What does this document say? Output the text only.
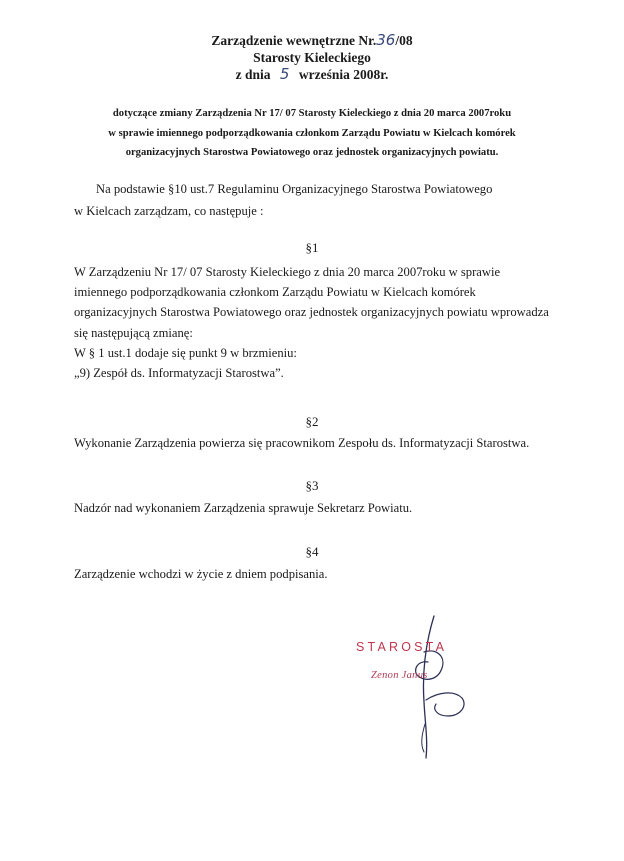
Zarządzenie wewnętrzne Nr.36/08
Starosty Kieleckiego
z dnia 5 września 2008r.
dotyczące zmiany Zarządzenia Nr 17/ 07 Starosty Kieleckiego z dnia 20 marca 2007roku
w sprawie imiennego podporządkowania członkom Zarządu Powiatu w Kielcach komórek
organizacyjnych Starostwa Powiatowego oraz jednostek organizacyjnych powiatu.
Na podstawie §10 ust.7 Regulaminu Organizacyjnego Starostwa Powiatowego
w Kielcach zarządzam, co następuje :
§1
W Zarządzeniu Nr 17/ 07 Starosty Kieleckiego z dnia 20 marca 2007roku w sprawie
imiennego podporządkowania członkom Zarządu Powiatu w Kielcach komórek
organizacyjnych Starostwa Powiatowego oraz jednostek organizacyjnych powiatu wprowadza
się następującą zmianę:
W § 1 ust.1 dodaje się punkt 9 w brzmieniu:
„9) Zespół ds. Informatyzacji Starostwa”.
§2
Wykonanie Zarządzenia powierza się pracownikom Zespołu ds. Informatyzacji Starostwa.
§3
Nadzór nad wykonaniem Zarządzenia sprawuje Sekretarz Powiatu.
§4
Zarządzenie wchodzi w życie z dniem podpisania.
STAROSTA
Zenon Janus
